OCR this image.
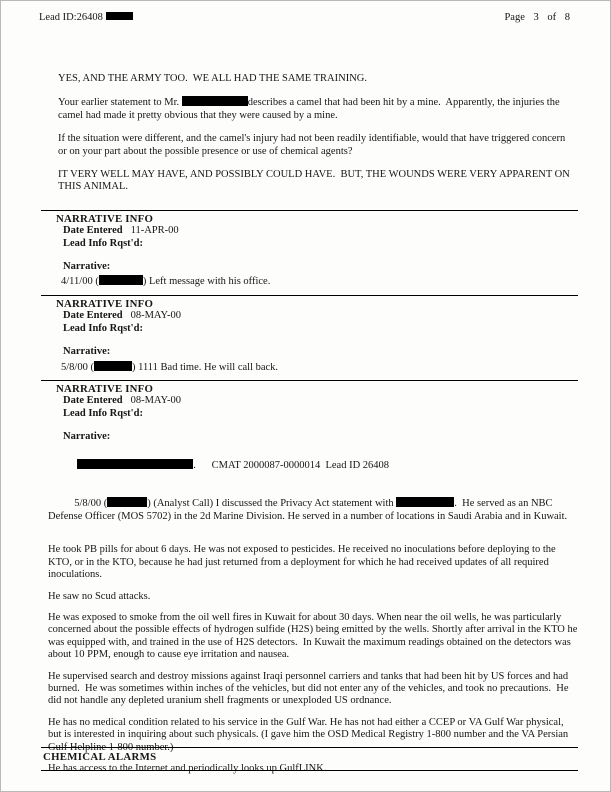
Lead ID:26408	Page 3 of 8

YES, AND THE ARMY TOO.  WE ALL HAD THE SAME TRAINING.

Your earlier statement to Mr.	describes a camel that had been hit by a mine.  Apparently, the injuries the camel had made it pretty obvious that they were caused by a mine.

If the situation were different, and the camel's injury had not been readily identifiable, would that have triggered concern or on your part about the possible presence or use of chemical agents?

IT VERY WELL MAY HAVE, AND POSSIBLY COULD HAVE.  BUT, THE WOUNDS WERE VERY APPARENT ON THIS ANIMAL.

NARRATIVE INFO
Date Entered 11-APR-00
Lead Info Rqst'd:
Narrative:
4/11/00 (	) Left message with his office.
NARRATIVE INFO
Date Entered 08-MAY-00
Lead Info Rqst'd:
Narrative:
5/8/00 (	) 1111 Bad time. He will call back.
NARRATIVE INFO
Date Entered 08-MAY-00
Lead Info Rqst'd:
Narrative:

.      CMAT 2000087-0000014  Lead ID 26408

5/8/00 (	) (Analyst Call) I discussed the Privacy Act statement with	.  He served as an NBC Defense Officer (MOS 5702) in the 2d Marine Division. He served in a number of locations in Saudi Arabia and in Kuwait.

He took PB pills for about 6 days. He was not exposed to pesticides. He received no inoculations before deploying to the KTO, or in the KTO, because he had just returned from a deployment for which he had received updates of all required inoculations.

He saw no Scud attacks.

He was exposed to smoke from the oil well fires in Kuwait for about 30 days. When near the oil wells, he was particularly concerned about the possible effects of hydrogen sulfide (H2S) being emitted by the wells. Shortly after arrival in the KTO he was equipped with, and trained in the use of H2S detectors.  In Kuwait the maximum readings obtained on the detectors was about 10 PPM, enough to cause eye irritation and nausea.

He supervised search and destroy missions against Iraqi personnel carriers and tanks that had been hit by US forces and had burned.  He was sometimes within inches of the vehicles, but did not enter any of the vehicles, and took no precautions.  He did not handle any depleted uranium shell fragments or unexploded US ordnance.

He has no medical condition related to his service in the Gulf War. He has not had either a CCEP or VA Gulf War physical, but is interested in inquiring about such physicals. (I gave him the OSD Medical Registry 1-800 number and the VA Persian Gulf Helpline 1-800 number.)

He has access to the Internet and periodically looks up GulfLINK.

CHEMICAL ALARMS
